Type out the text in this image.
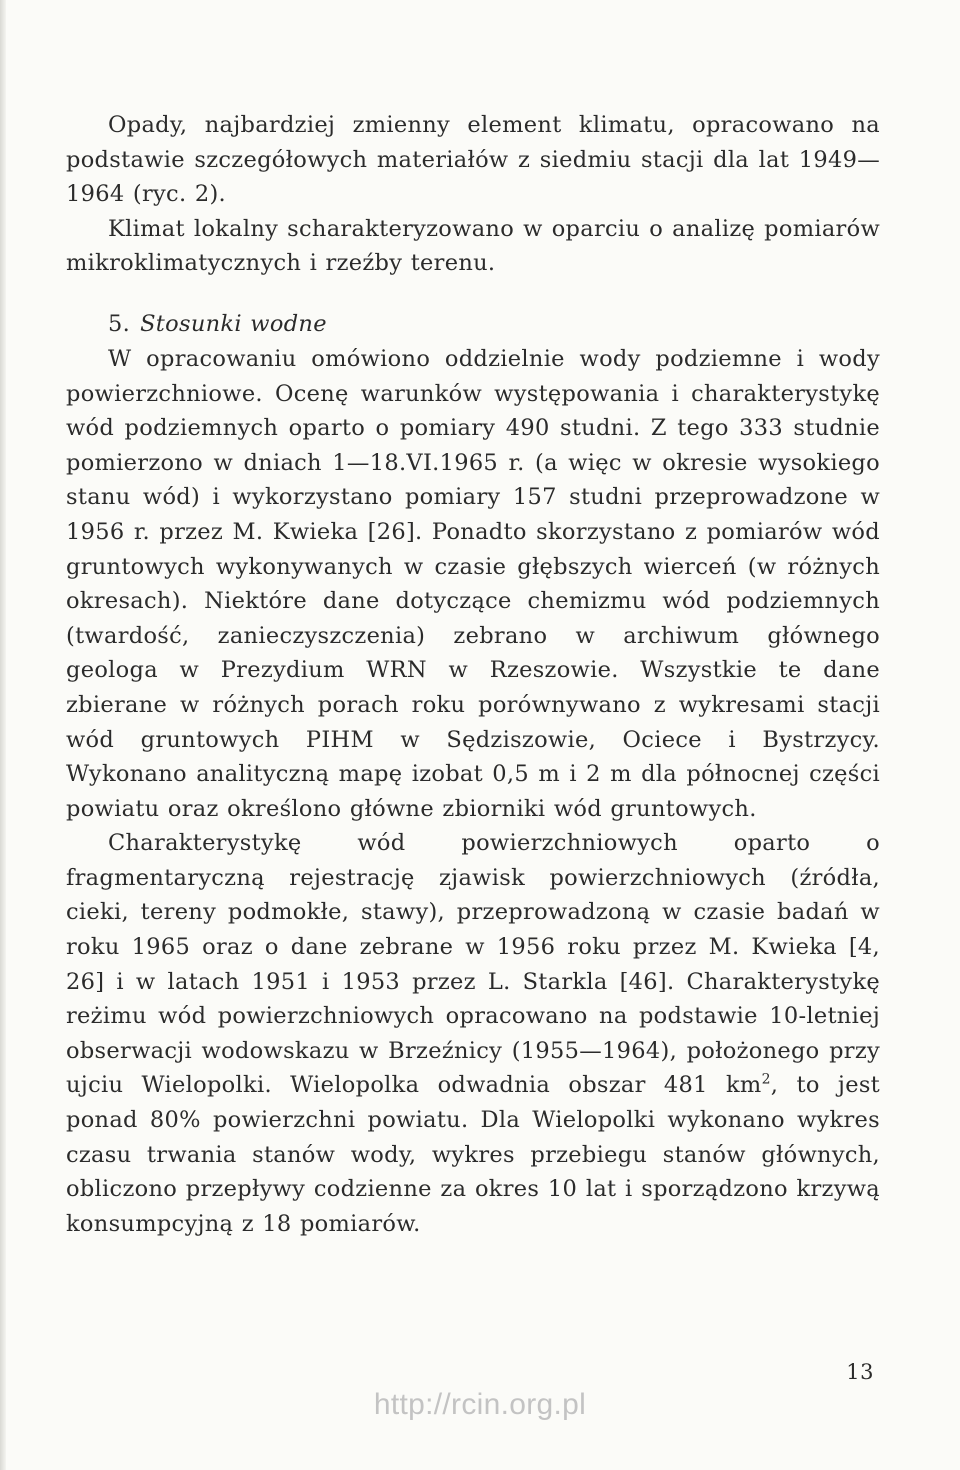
Opady, najbardziej zmienny element klimatu, opracowano na podstawie szczegółowych materiałów z siedmiu stacji dla lat 1949—1964 (ryc. 2).

Klimat lokalny scharakteryzowano w oparciu o analizę pomiarów mikroklimatycznych i rzeźby terenu.

5. Stosunki wodne

W opracowaniu omówiono oddzielnie wody podziemne i wody powierzchniowe. Ocenę warunków występowania i charakterystykę wód podziemnych oparto o pomiary 490 studni. Z tego 333 studnie pomierzono w dniach 1—18.VI.1965 r. (a więc w okresie wysokiego stanu wód) i wykorzystano pomiary 157 studni przeprowadzone w 1956 r. przez M. Kwieka [26]. Ponadto skorzystano z pomiarów wód gruntowych wykonywanych w czasie głębszych wierceń (w różnych okresach). Niektóre dane dotyczące chemizmu wód podziemnych (twardość, zanieczyszczenia) zebrano w archiwum głównego geologa w Prezydium WRN w Rzeszowie. Wszystkie te dane zbierane w różnych porach roku porównywano z wykresami stacji wód gruntowych PIHM w Sędziszowie, Ociece i Bystrzycy. Wykonano analityczną mapę izobat 0,5 m i 2 m dla północnej części powiatu oraz określono główne zbiorniki wód gruntowych.

Charakterystykę wód powierzchniowych oparto o fragmentaryczną rejestrację zjawisk powierzchniowych (źródła, cieki, tereny podmokłe, stawy), przeprowadzoną w czasie badań w roku 1965 oraz o dane zebrane w 1956 roku przez M. Kwieka [4, 26] i w latach 1951 i 1953 przez L. Starkla [46]. Charakterystykę reżimu wód powierzchniowych opracowano na podstawie 10-letniej obserwacji wodowskazu w Brzeźnicy (1955—1964), położonego przy ujciu Wielopolki. Wielopolka odwadnia obszar 481 $km^2$, to jest ponad 80% powierzchni powiatu. Dla Wielopolki wykonano wykres czasu trwania stanów wody, wykres przebiegu stanów głównych, obliczono przepływy codzienne za okres 10 lat i sporządzono krzywą konsumpcyjną z 18 pomiarów.

13
http://rcin.org.pl
